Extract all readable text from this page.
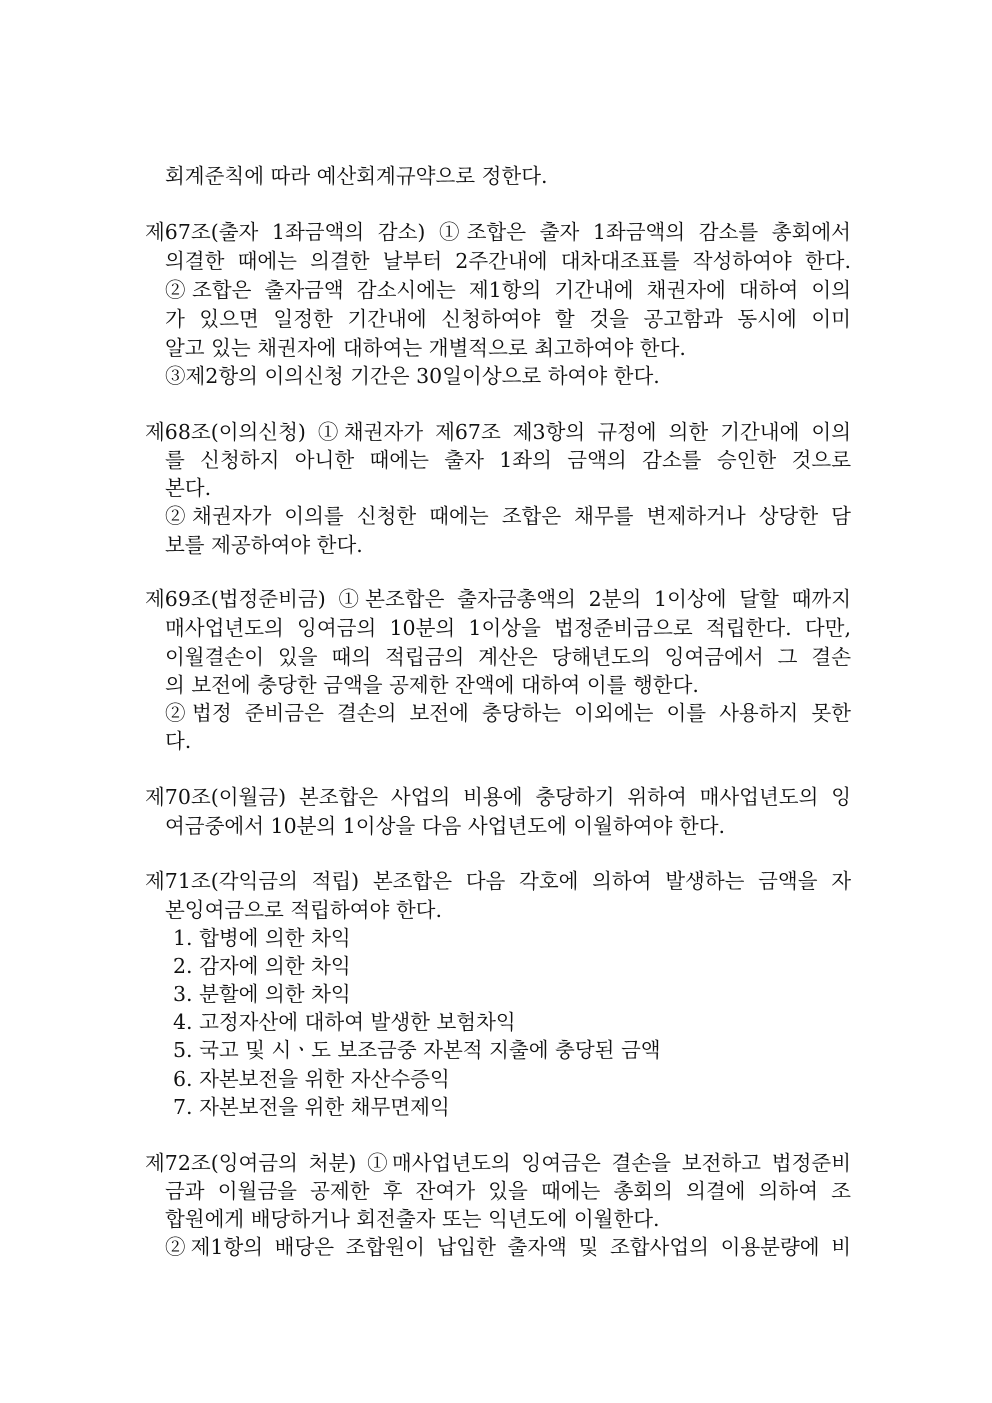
회계준칙에 따라 예산회계규약으로 정한다.
제67조(출자 1좌금액의 감소) ①조합은 출자 1좌금액의 감소를 총회에서
의결한 때에는 의결한 날부터 2주간내에 대차대조표를 작성하여야 한다.
②조합은 출자금액 감소시에는 제1항의 기간내에 채권자에 대하여 이의
가 있으면 일정한 기간내에 신청하여야 할 것을 공고함과 동시에 이미
알고 있는 채권자에 대하여는 개별적으로 최고하여야 한다.
③제2항의 이의신청 기간은 30일이상으로 하여야 한다.
제68조(이의신청) ①채권자가 제67조 제3항의 규정에 의한 기간내에 이의
를 신청하지 아니한 때에는 출자 1좌의 금액의 감소를 승인한 것으로
본다.
②채권자가 이의를 신청한 때에는 조합은 채무를 변제하거나 상당한 담
보를 제공하여야 한다.
제69조(법정준비금) ①본조합은 출자금총액의 2분의 1이상에 달할 때까지
매사업년도의 잉여금의 10분의 1이상을 법정준비금으로 적립한다. 다만,
이월결손이 있을 때의 적립금의 계산은 당해년도의 잉여금에서 그 결손
의 보전에 충당한 금액을 공제한 잔액에 대하여 이를 행한다.
②법정 준비금은 결손의 보전에 충당하는 이외에는 이를 사용하지 못한
다.
제70조(이월금) 본조합은 사업의 비용에 충당하기 위하여 매사업년도의 잉
여금중에서 10분의 1이상을 다음 사업년도에 이월하여야 한다.
제71조(각익금의 적립) 본조합은 다음 각호에 의하여 발생하는 금액을 자
본잉여금으로 적립하여야 한다.
1. 합병에 의한 차익
2. 감자에 의한 차익
3. 분할에 의한 차익
4. 고정자산에 대하여 발생한 보험차익
5. 국고 및 시ㆍ도 보조금중 자본적 지출에 충당된 금액
6. 자본보전을 위한 자산수증익
7. 자본보전을 위한 채무면제익
제72조(잉여금의 처분) ①매사업년도의 잉여금은 결손을 보전하고 법정준비
금과 이월금을 공제한 후 잔여가 있을 때에는 총회의 의결에 의하여 조
합원에게 배당하거나 회전출자 또는 익년도에 이월한다.
②제1항의 배당은 조합원이 납입한 출자액 및 조합사업의 이용분량에 비
